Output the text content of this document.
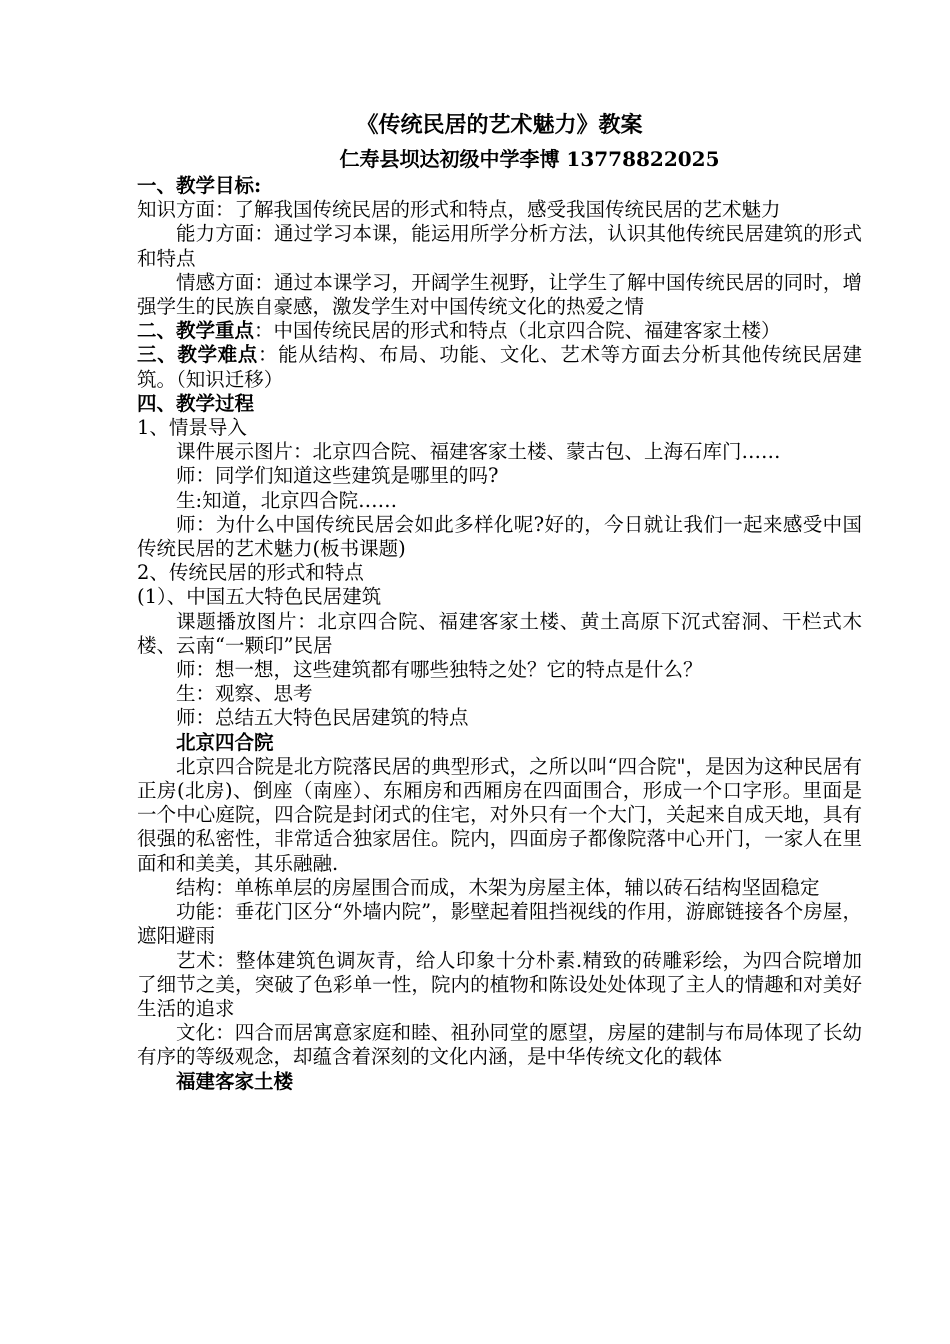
《传统民居的艺术魅力》教案
仁寿县坝达初级中学李博 13778822025

一、教学目标:

知识方面：了解我国传统民居的形式和特点，感受我国传统民居的艺术魅力

能力方面：通过学习本课，能运用所学分析方法，认识其他传统民居建筑的形式和特点

情感方面：通过本课学习，开阔学生视野，让学生了解中国传统民居的同时，增强学生的民族自豪感，激发学生对中国传统文化的热爱之情

二、教学重点：中国传统民居的形式和特点（北京四合院、福建客家土楼）

三、教学难点：能从结构、布局、功能、文化、艺术等方面去分析其他传统民居建筑。（知识迁移）

四、教学过程

1、情景导入

课件展示图片：北京四合院、福建客家土楼、蒙古包、上海石库门……

师：同学们知道这些建筑是哪里的吗?

生:知道，北京四合院……

师：为什么中国传统民居会如此多样化呢?好的，今日就让我们一起来感受中国传统民居的艺术魅力(板书课题)

2、传统民居的形式和特点

(1）、中国五大特色民居建筑

课题播放图片：北京四合院、福建客家土楼、黄土高原下沉式窑洞、干栏式木楼、云南“一颗印”民居

师：想一想，这些建筑都有哪些独特之处？它的特点是什么？

生：观察、思考

师：总结五大特色民居建筑的特点

北京四合院

北京四合院是北方院落民居的典型形式，之所以叫“四合院"，是因为这种民居有正房(北房)、倒座（南座）、东厢房和西厢房在四面围合，形成一个口字形。里面是一个中心庭院，四合院是封闭式的住宅，对外只有一个大门，关起来自成天地，具有很强的私密性，非常适合独家居住。院内，四面房子都像院落中心开门，一家人在里面和和美美，其乐融融.

结构：单栋单层的房屋围合而成，木架为房屋主体，辅以砖石结构坚固稳定

功能：垂花门区分“外墙内院”，影壁起着阻挡视线的作用，游廊链接各个房屋，遮阳避雨

艺术：整体建筑色调灰青，给人印象十分朴素.精致的砖雕彩绘，为四合院增加了细节之美，突破了色彩单一性，院内的植物和陈设处处体现了主人的情趣和对美好生活的追求

文化：四合而居寓意家庭和睦、祖孙同堂的愿望，房屋的建制与布局体现了长幼有序的等级观念，却蕴含着深刻的文化内涵，是中华传统文化的载体

福建客家土楼
